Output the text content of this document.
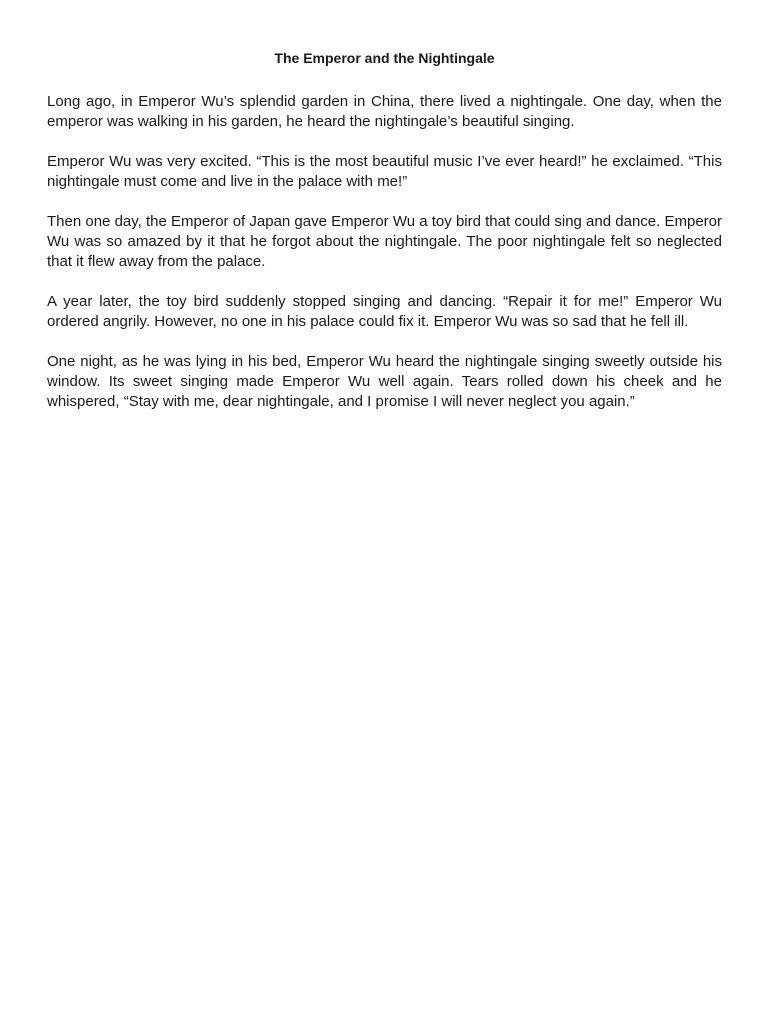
The Emperor and the Nightingale

Long ago, in Emperor Wu’s splendid garden in China, there lived a nightingale. One day, when the emperor was walking in his garden, he heard the nightingale’s beautiful singing.

Emperor Wu was very excited. “This is the most beautiful music I’ve ever heard!” he exclaimed. “This nightingale must come and live in the palace with me!”

Then one day, the Emperor of Japan gave Emperor Wu a toy bird that could sing and dance. Emperor Wu was so amazed by it that he forgot about the nightingale. The poor nightingale felt so neglected that it flew away from the palace.

A year later, the toy bird suddenly stopped singing and dancing. “Repair it for me!” Emperor Wu ordered angrily. However, no one in his palace could fix it. Emperor Wu was so sad that he fell ill.

One night, as he was lying in his bed, Emperor Wu heard the nightingale singing sweetly outside his window. Its sweet singing made Emperor Wu well again. Tears rolled down his cheek and he whispered, “Stay with me, dear nightingale, and I promise I will never neglect you again.”
